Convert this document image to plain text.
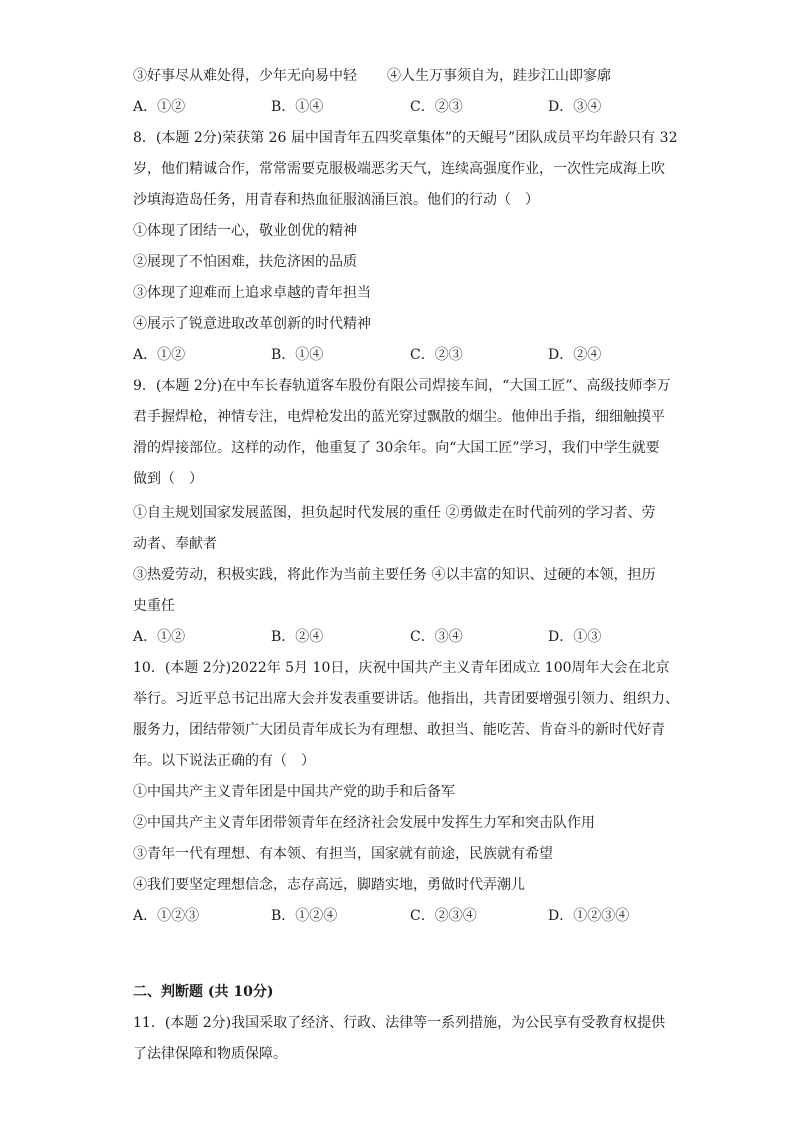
③好事尽从难处得，少年无向易中轻 ④人生万事须自为，跬步江山即寥廓
A．①②	B．①④	C．②③	D．③④
8．(本题 2分)荣获第 26 届中国青年五四奖章集体”的天鲲号”团队成员平均年龄只有 32
岁，他们精诚合作，常常需要克服极端恶劣天气，连续高强度作业，一次性完成海上吹
沙填海造岛任务，用青春和热血征服汹涌巨浪。他们的行动（　）
①体现了团结一心，敬业创优的精神
②展现了不怕困难，扶危济困的品质
③体现了迎难而上追求卓越的青年担当
④展示了锐意进取改革创新的时代精神
A．①②	B．①④	C．②③	D．②④
9．(本题 2分)在中车长春轨道客车股份有限公司焊接车间，“大国工匠”、高级技师李万
君手握焊枪，神情专注，电焊枪发出的蓝光穿过飘散的烟尘。他伸出手指，细细触摸平
滑的焊接部位。这样的动作，他重复了 30余年。向“大国工匠”学习，我们中学生就要
做到（　）
①自主规划国家发展蓝图，担负起时代发展的重任 ②勇做走在时代前列的学习者、劳
动者、奉献者
③热爱劳动，积极实践，将此作为当前主要任务 ④以丰富的知识、过硬的本领，担历
史重任
A．①②	B．②④	C．③④	D．①③
10．(本题 2分)2022年 5月 10日，庆祝中国共产主义青年团成立 100周年大会在北京
举行。习近平总书记出席大会并发表重要讲话。他指出，共青团要增强引领力、组织力、
服务力，团结带领广大团员青年成长为有理想、敢担当、能吃苦、肯奋斗的新时代好青
年。以下说法正确的有（　）
①中国共产主义青年团是中国共产党的助手和后备军
②中国共产主义青年团带领青年在经济社会发展中发挥生力军和突击队作用
③青年一代有理想、有本领、有担当，国家就有前途，民族就有希望
④我们要坚定理想信念，志存高远，脚踏实地，勇做时代弄潮儿
A．①②③	B．①②④	C．②③④	D．①②③④
二、判断题 (共 10分)
11．(本题 2分)我国采取了经济、行政、法律等一系列措施，为公民享有受教育权提供
了法律保障和物质保障。
